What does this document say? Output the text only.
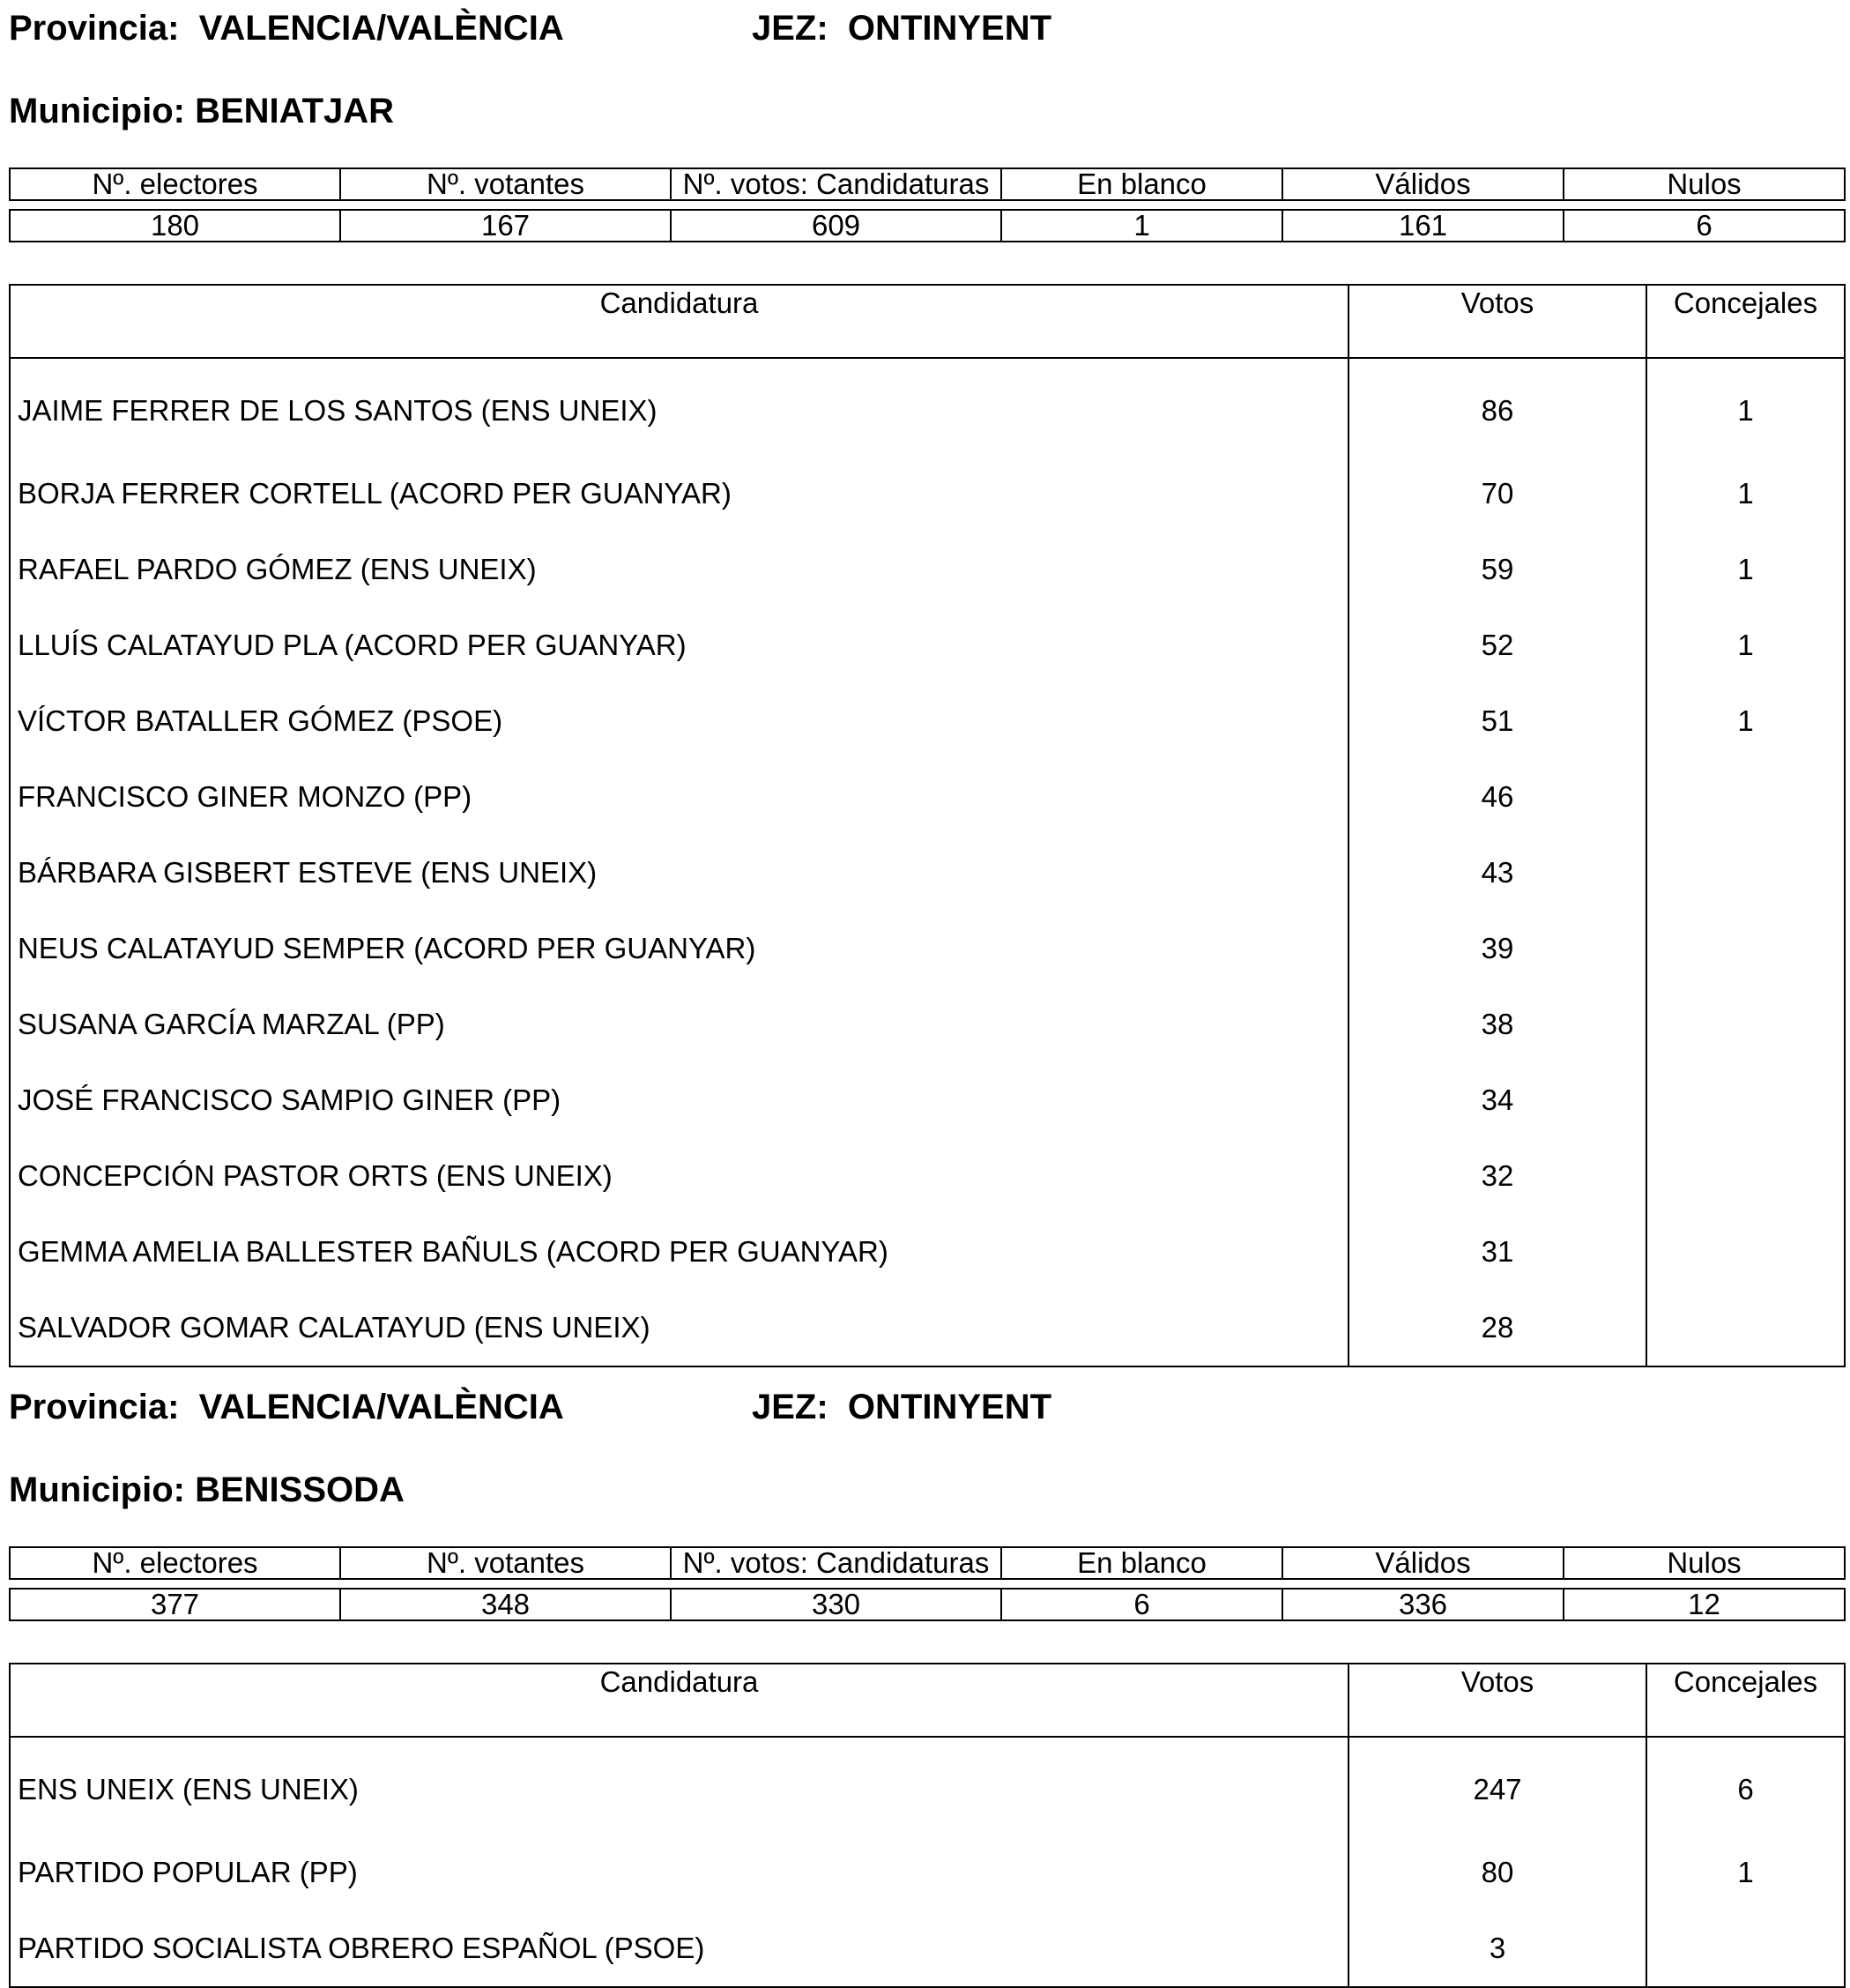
Provincia: VALENCIA/VALÈNCIA	JEZ: ONTINYENT
Municipio: BENIATJAR
Nº. electores	Nº. votantes	Nº. votos: Candidaturas	En blanco	Válidos	Nulos

180	167	609	1	161	6
Candidatura	Votos	Concejales
JAIME FERRER DE LOS SANTOS (ENS UNEIX)	86	1
BORJA FERRER CORTELL (ACORD PER GUANYAR)	70	1
RAFAEL PARDO GÓMEZ (ENS UNEIX)	59	1
LLUÍS CALATAYUD PLA (ACORD PER GUANYAR)	52	1
VÍCTOR BATALLER GÓMEZ (PSOE)	51	1
FRANCISCO GINER MONZO (PP)	46	
BÁRBARA GISBERT ESTEVE (ENS UNEIX)	43	
NEUS CALATAYUD SEMPER (ACORD PER GUANYAR)	39	
SUSANA GARCÍA MARZAL (PP)	38	
JOSÉ FRANCISCO SAMPIO GINER (PP)	34	
CONCEPCIÓN PASTOR ORTS (ENS UNEIX)	32	
GEMMA AMELIA BALLESTER BAÑULS (ACORD PER GUANYAR)	31	
SALVADOR GOMAR CALATAYUD (ENS UNEIX)	28	
Provincia: VALENCIA/VALÈNCIA	JEZ: ONTINYENT
Municipio: BENISSODA
Nº. electores	Nº. votantes	Nº. votos: Candidaturas	En blanco	Válidos	Nulos

377	348	330	6	336	12
Candidatura	Votos	Concejales
ENS UNEIX (ENS UNEIX)	247	6
PARTIDO POPULAR (PP)	80	1
PARTIDO SOCIALISTA OBRERO ESPAÑOL (PSOE)	3	
